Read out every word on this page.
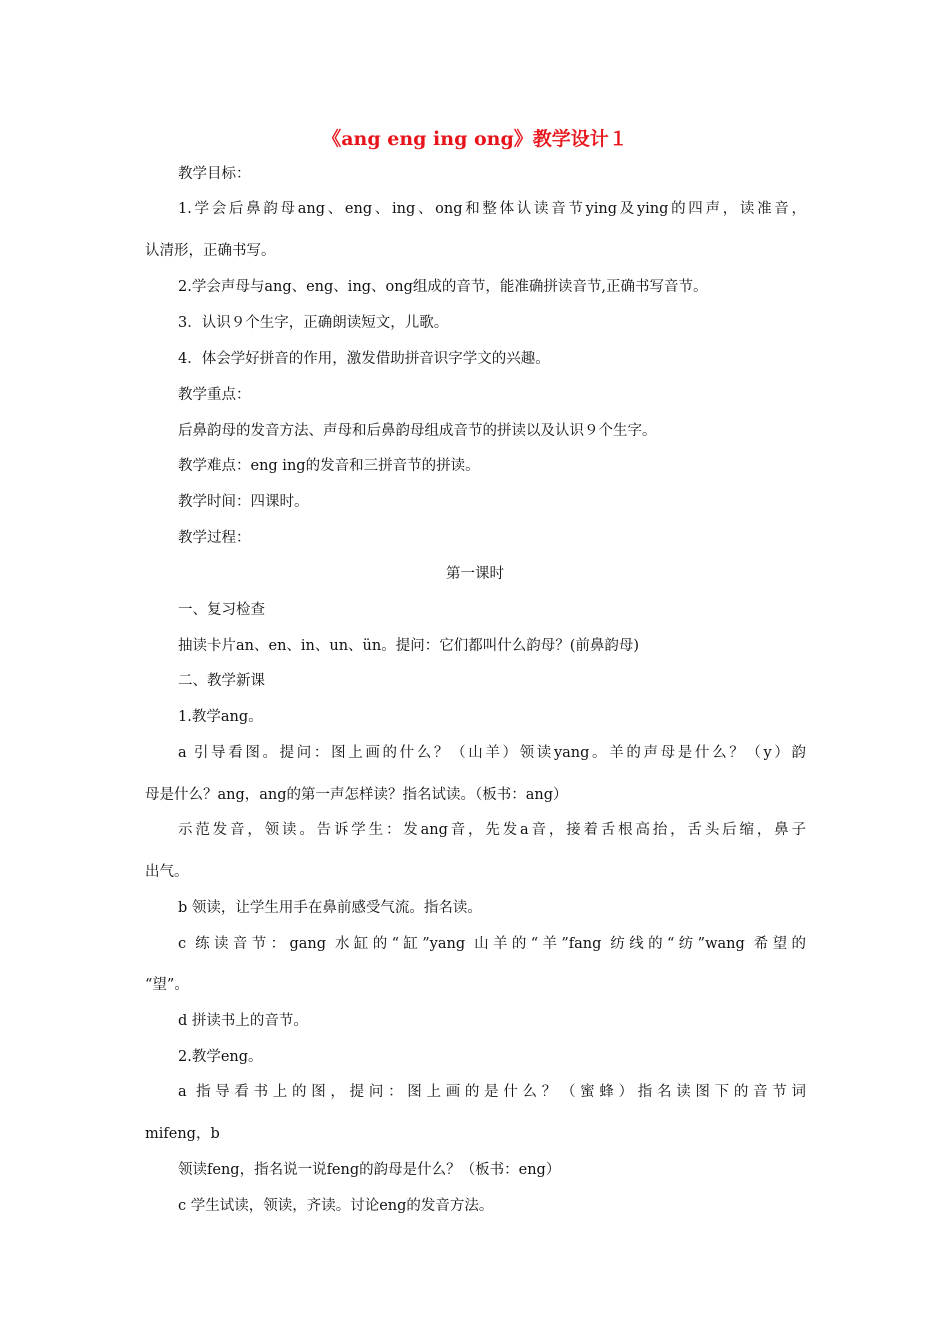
《ang eng ing ong》教学设计１
教学目标：
1.学会后鼻韵母ang、eng、ing、ong和整体认读音节ying及ying的四声，读准音，
认清形，正确书写。
2.学会声母与ang、eng、ing、ong组成的音节，能准确拼读音节,正确书写音节。
3．认识９个生字，正确朗读短文，儿歌。
4．体会学好拼音的作用，激发借助拼音识字学文的兴趣。
教学重点：
后鼻韵母的发音方法、声母和后鼻韵母组成音节的拼读以及认识９个生字。
教学难点：eng ing的发音和三拼音节的拼读。
教学时间：四课时。
教学过程：
第一课时
一、复习检查
抽读卡片an、en、in、un、ün。提问：它们都叫什么韵母？(前鼻韵母)
二、教学新课
1.教学ang。
a 引导看图。提问：图上画的什么？（山羊）领读yang。羊的声母是什么？（y）韵
母是什么？ang，ang的第一声怎样读？指名试读。（板书：ang）
示范发音，领读。告诉学生：发ang音，先发a音，接着舌根高抬，舌头后缩，鼻子
出气。
b 领读，让学生用手在鼻前感受气流。指名读。
c 练读音节：gang 水缸的“缸”yang 山羊的“羊”fang 纺线的“纺”wang 希望的
“望”。
d 拼读书上的音节。
2.教学eng。
a 指导看书上的图，提问：图上画的是什么？（蜜蜂）指名读图下的音节词
mifeng，b
领读feng，指名说一说feng的韵母是什么？（板书：eng）
c 学生试读，领读，齐读。讨论eng的发音方法。
